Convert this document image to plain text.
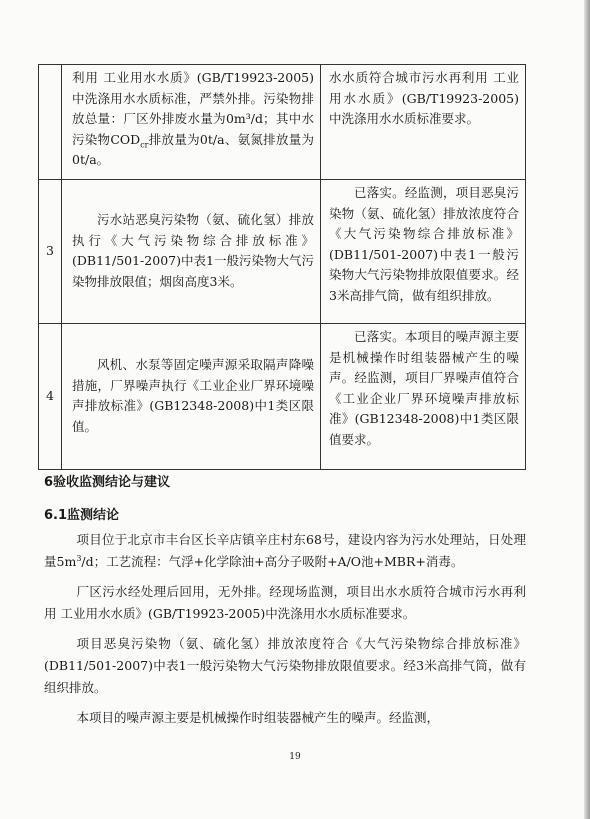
	利用 工业用水水质》(GB/T19923-2005)中洗涤用水水质标准，严禁外排。污染物排放总量：厂区外排废水量为0m³/d；其中水污染物$COD_{cr}$排放量为0t/a、氨氮排放量为0t/a。	水水质符合城市污水再利用 工业用水水质》(GB/T19923-2005)中洗涤用水水质标准要求。

3	污水站恶臭污染物（氨、硫化氢）排放执行《大气污染物综合排放标准》(DB11/501-2007)中表1一般污染物大气污染物排放限值；烟囱高度3米。	已落实。经监测，项目恶臭污染物（氨、硫化氢）排放浓度符合《大气污染物综合排放标准》(DB11/501-2007)中表1一般污染物大气污染物排放限值要求。经3米高排气筒，做有组织排放。

4	风机、水泵等固定噪声源采取隔声降噪措施，厂界噪声执行《工业企业厂界环境噪声排放标准》(GB12348-2008)中1类区限值。	已落实。本项目的噪声源主要是机械操作时组装器械产生的噪声。经监测，项目厂界噪声值符合《工业企业厂界环境噪声排放标准》(GB12348-2008)中1类区限值要求。

6验收监测结论与建议
6.1监测结论

项目位于北京市丰台区长辛店镇辛庄村东68号，建设内容为污水处理站，日处理量$5m^3/d$；工艺流程：气浮+化学除油+高分子吸附+A/O池+MBR+消毒。

厂区污水经处理后回用，无外排。经现场监测，项目出水水质符合城市污水再利用 工业用水水质》(GB/T19923-2005)中洗涤用水水质标准要求。

项目恶臭污染物（氨、硫化氢）排放浓度符合《大气污染物综合排放标准》(DB11/501-2007)中表1一般污染物大气污染物排放限值要求。经3米高排气筒，做有组织排放。

本项目的噪声源主要是机械操作时组装器械产生的噪声。经监测，

19
